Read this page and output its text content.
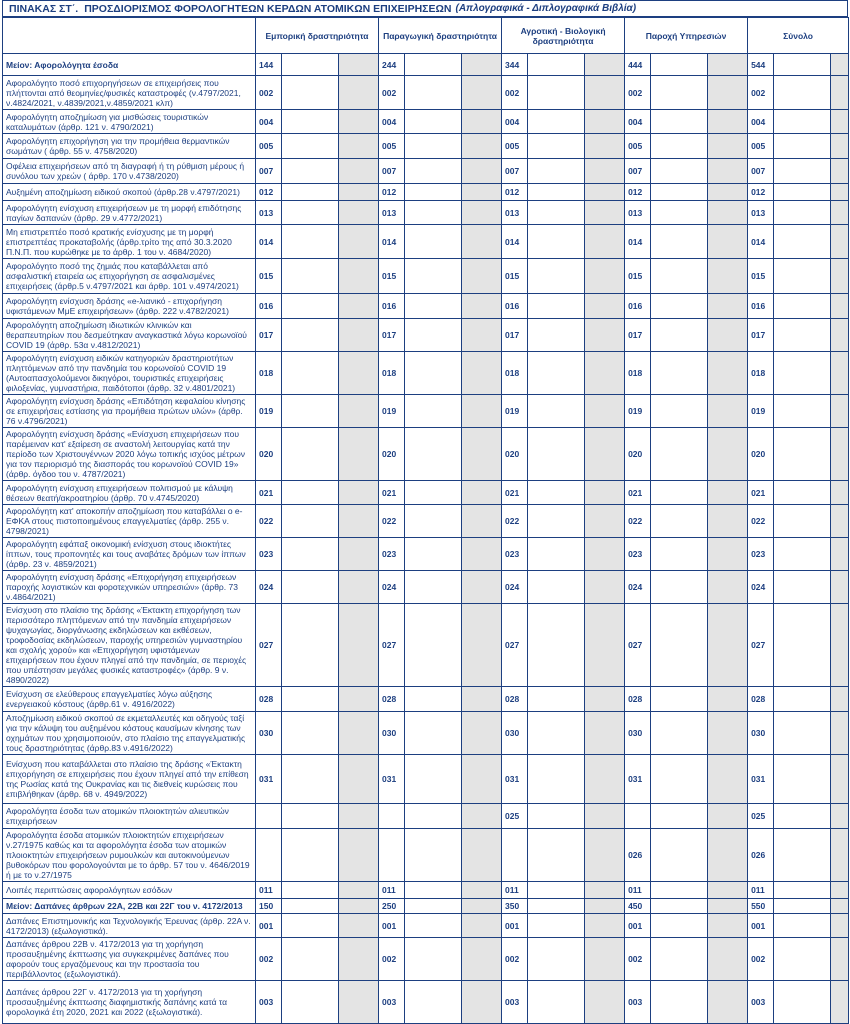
ΠΙΝΑΚΑΣ ΣΤ΄. ΠΡΟΣΔΙΟΡΙΣΜΟΣ ΦΟΡΟΛΟΓΗΤΕΩΝ ΚΕΡΔΩΝ ΑΤΟΜΙΚΩΝ ΕΠΙΧΕΙΡΗΣΕΩΝ (Απλογραφικά - Διπλογραφικά Βιβλία)

	Εμπορική δραστηριότητα			Παραγωγική δραστηριότητα			Αγροτική - Βιολογική δραστηριότητα			Παροχή Υπηρεσιών			Σύνολο		

Μείον: Αφορολόγητα έσοδα	144			244			344			444			544		
Αφορολόγητο ποσό επιχορηγήσεων σε επιχειρήσεις που πλήττονται από θεομηνίες/φυσικές καταστροφές (ν.4797/2021, ν.4824/2021, ν.4839/2021,ν.4859/2021 κλπ)	002			002			002			002			002		
Αφορολόγητη αποζημίωση για μισθώσεις τουριστικών καταλυμάτων (άρθρ. 121 ν. 4790/2021)	004			004			004			004			004		
Αφορολόγητη επιχορήγηση για την προμήθεια θερμαντικών σωμάτων ( άρθρ. 55 ν. 4758/2020)	005			005			005			005			005		
Οφέλεια επιχειρήσεων από τη διαγραφή ή τη ρύθμιση μέρους ή συνόλου των χρεών ( άρθρ. 170 ν.4738/2020)	007			007			007			007			007		
Αυξημένη αποζημίωση ειδικού σκοπού (άρθρ.28 ν.4797/2021)	012			012			012			012			012		
Αφορολόγητη ενίσχυση επιχειρήσεων με τη μορφή επιδότησης παγίων δαπανών (άρθρ. 29 ν.4772/2021)	013			013			013			013			013		
Μη επιστρεπτέο ποσό κρατικής ενίσχυσης με τη μορφή επιστρεπτέας προκαταβολής (άρθρ.τρίτο της από 30.3.2020 Π.Ν.Π. που κυρώθηκε με το άρθρ. 1 του ν. 4684/2020)	014			014			014			014			014		
Αφορολόγητο ποσό της ζημιάς που καταβάλλεται από ασφαλιστική εταιρεία ως επιχορήγηση σε ασφαλισμένες επιχειρήσεις (άρθρ.5 ν.4797/2021 και άρθρ. 101 ν.4974/2021)	015			015			015			015			015		
Αφορολόγητη ενίσχυση δράσης «e-λιανικό - επιχορήγηση υφιστάμενων ΜμΕ επιχειρήσεων» (άρθρ. 222 ν.4782/2021)	016			016			016			016			016		
Αφορολόγητη αποζημίωση ιδιωτικών κλινικών και θεραπευτηρίων που δεσμεύτηκαν αναγκαστικά λόγω κορωνοϊού COVID 19 (άρθρ. 53α ν.4812/2021)	017			017			017			017			017		
Αφορολόγητη ενίσχυση ειδικών κατηγοριών δραστηριοτήτων πληττόμενων από την πανδημία του κορωνοϊού COVID 19 (Αυτοαπασχολούμενοι δικηγόροι, τουριστικές επιχειρήσεις φιλοξενίας, γυμναστήρια, παιδότοποι (άρθρ. 32 ν.4801/2021)	018			018			018			018			018		
Αφορολόγητη ενίσχυση δράσης «Επιδότηση κεφαλαίου κίνησης σε επιχειρήσεις εστίασης για προμήθεια πρώτων υλών» (άρθρ. 76 ν.4796/2021)	019			019			019			019			019		
Αφορολόγητη ενίσχυση δράσης «Ενίσχυση επιχειρήσεων που παρέμειναν κατ' εξαίρεση σε αναστολή λειτουργίας κατά την περίοδο των Χριστουγέννων 2020 λόγω τοπικής ισχύος μέτρων για τον περιορισμό της διασποράς του κορωνοϊού COVID 19» (άρθρ. όγδοο του ν. 4787/2021)	020			020			020			020			020		
Αφορολόγητη ενίσχυση επιχειρήσεων πολιτισμού με κάλυψη θέσεων θεατή/ακροατηρίου (άρθρ. 70 ν.4745/2020)	021			021			021			021			021		
Αφορολόγητη κατ' αποκοπήν αποζημίωση που καταβάλλει ο e-ΕΦΚΑ στους πιστοποιημένους επαγγελματίες (άρθρ. 255 ν. 4798/2021)	022			022			022			022			022		
Αφορολόγητη εφάπαξ οικονομική ενίσχυση στους ιδιοκτήτες ίππων, τους προπονητές και τους αναβάτες δρόμων των ίππων (άρθρ. 23 ν. 4859/2021)	023			023			023			023			023		
Αφορολόγητη ενίσχυση δράσης «Επιχορήγηση επιχειρήσεων παροχής λογιστικών και φοροτεχνικών υπηρεσιών» (άρθρ. 73 ν.4864/2021)	024			024			024			024			024		
Ενίσχυση στο πλαίσιο της δράσης «Έκτακτη επιχορήγηση των περισσότερο πληττόμενων από την πανδημία επιχειρήσεων ψυχαγωγίας, διοργάνωσης εκδηλώσεων και εκθέσεων, τροφοδοσίας εκδηλώσεων, παροχής υπηρεσιών γυμναστηρίου και σχολής χορού» και «Επιχορήγηση υφιστάμενων επιχειρήσεων που έχουν πληγεί από την πανδημία, σε περιοχές που υπέστησαν μεγάλες φυσικές καταστροφές» (άρθρ. 9 ν. 4890/2022)	027			027			027			027			027		
Ενίσχυση σε ελεύθερους επαγγελματίες λόγω αύξησης ενεργειακού κόστους (άρθρ.61 ν. 4916/2022)	028			028			028			028			028		
Αποζημίωση ειδικού σκοπού σε εκμεταλλευτές και οδηγούς ταξί για την κάλυψη του αυξημένου κόστους καυσίμων κίνησης των οχημάτων που χρησιμοποιούν, στο πλαίσιο της επαγγελματικής τους δραστηριότητας (άρθρ.83 ν.4916/2022)	030			030			030			030			030		
Ενίσχυση που καταβάλλεται στο πλαίσιο της δράσης «Έκτακτη επιχορήγηση σε επιχειρήσεις που έχουν πληγεί από την επίθεση της Ρωσίας κατά της Ουκρανίας και τις διεθνείς κυρώσεις που επιβλήθηκαν (άρθρ. 68 ν. 4949/2022)	031			031			031			031			031		
Αφορολόγητα έσοδα των ατομικών πλοιοκτητών αλιευτικών επιχειρήσεων							025						025		
Αφορολόγητα έσοδα ατομικών πλοιοκτητών επιχειρήσεων ν.27/1975 καθώς και τα αφορολόγητα έσοδα των ατομικών πλοιοκτητών επιχειρήσεων ρυμουλκών και αυτοκινούμενων βυθοκόρων που φορολογούνται με το άρθρ. 57 του ν. 4646/2019 ή με το ν.27/1975										026			026		
Λοιπές περιπτώσεις αφορολόγητων εσόδων	011			011			011			011			011		
Μείον: Δαπάνες άρθρων 22Α, 22Β και 22Γ του ν. 4172/2013	150			250			350			450			550		
Δαπάνες Επιστημονικής και Τεχνολογικής Έρευνας (άρθρ. 22Α ν. 4172/2013) (εξωλογιστικά).	001			001			001			001			001		
Δαπάνες άρθρου 22Β ν. 4172/2013 για τη χορήγηση προσαυξημένης έκπτωσης για συγκεκριμένες δαπάνες που αφορούν τους εργαζόμενους και την προστασία του περιβάλλοντος (εξωλογιστικά).	002			002			002			002			002		
Δαπάνες άρθρου 22Γ ν. 4172/2013 για τη χορήγηση προσαυξημένης έκπτωσης διαφημιστικής δαπάνης κατά τα φορολογικά έτη 2020, 2021 και 2022 (εξωλογιστικά).	003			003			003			003			003		
